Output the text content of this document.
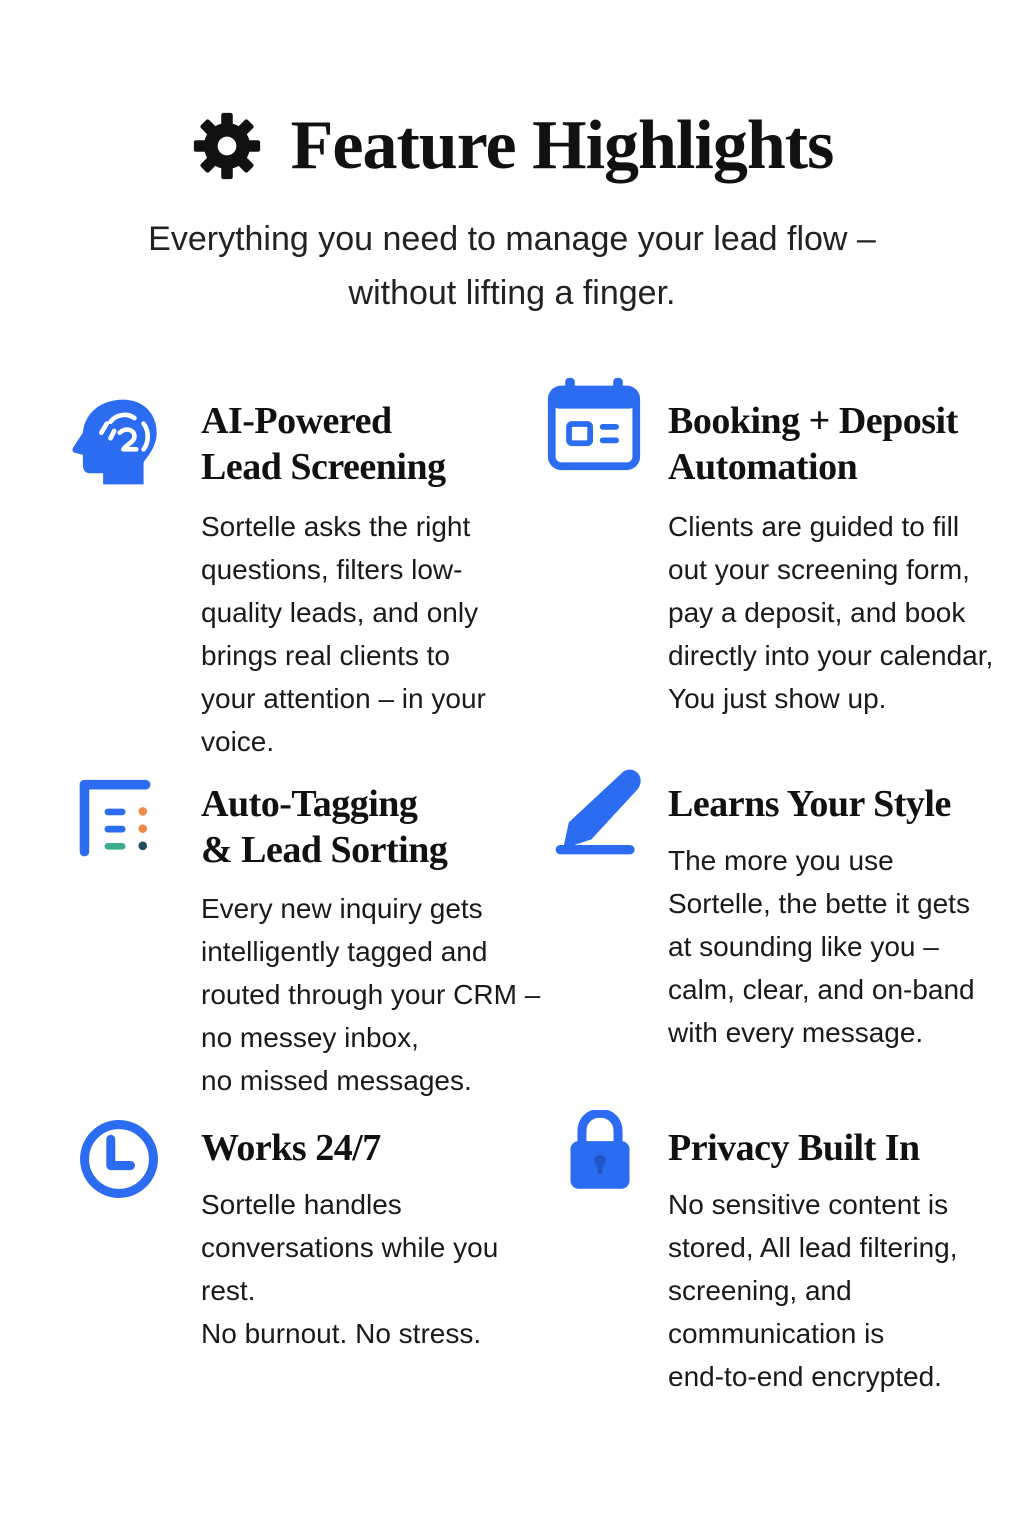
Feature Highlights
Everything you need to manage your lead flow –
without lifting a finger.
AI-Powered
Lead Screening

Sortelle asks the right
questions, filters low-
quality leads, and only
brings real clients to
your attention – in your
voice.

Booking + Deposit
Automation

Clients are guided to fill
out your screening form,
pay a deposit, and book
directly into your calendar,
You just show up.

Auto-Tagging
& Lead Sorting

Every new inquiry gets
intelligently tagged and
routed through your CRM –
no messey inbox,
no missed messages.

Learns Your Style

The more you use
Sortelle, the bette it gets
at sounding like you –
calm, clear, and on-band
with every message.

Works 24/7

Sortelle handles
conversations while you
rest.
No burnout. No stress.

Privacy Built In

No sensitive content is
stored, All lead filtering,
screening, and
communication is
end-to-end encrypted.
